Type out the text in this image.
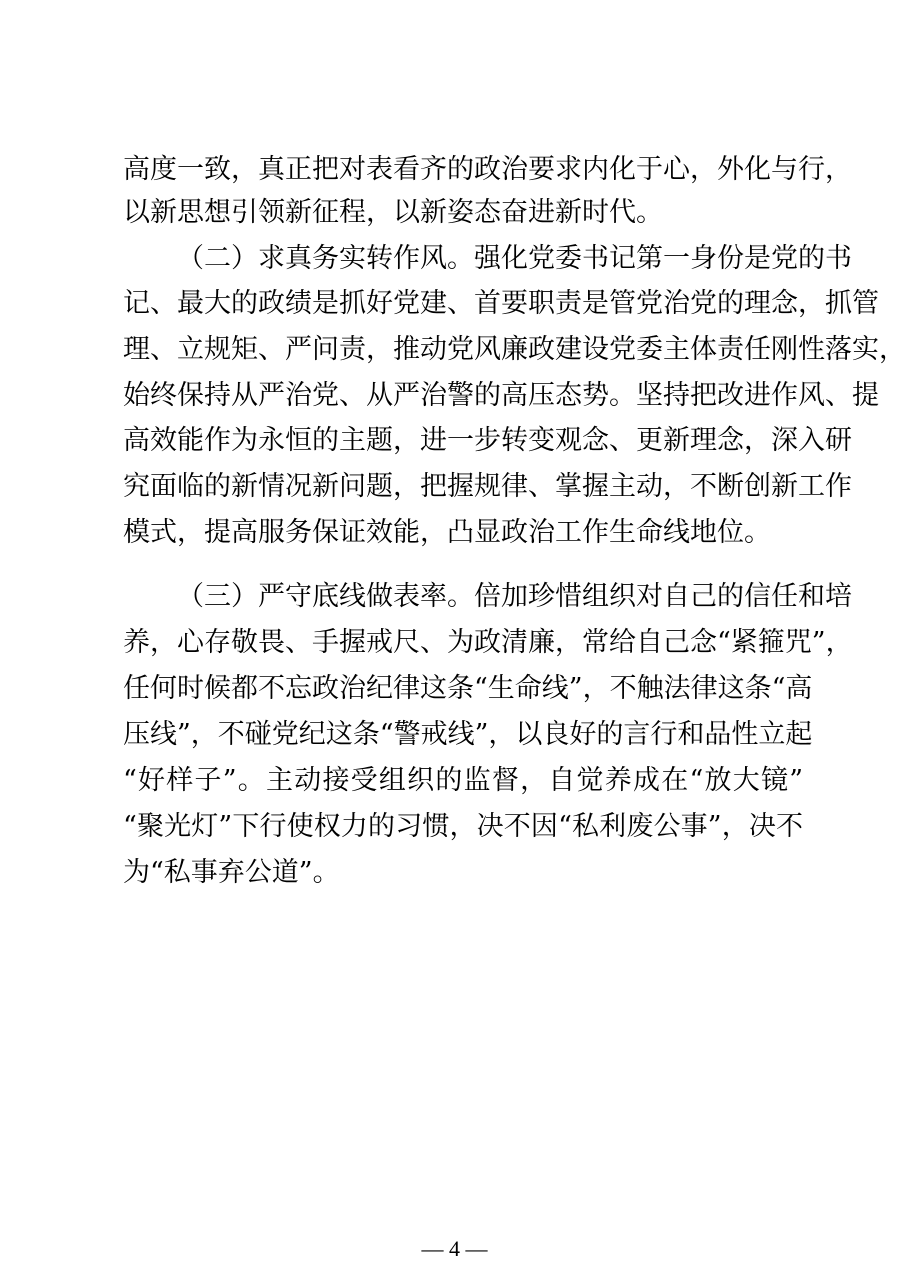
高度一致，真正把对表看齐的政治要求内化于心，外化与行，
以新思想引领新征程，以新姿态奋进新时代。
（二）求真务实转作风。强化党委书记第一身份是党的书
记、最大的政绩是抓好党建、首要职责是管党治党的理念，抓管
理、立规矩、严问责，推动党风廉政建设党委主体责任刚性落实，
始终保持从严治党、从严治警的高压态势。坚持把改进作风、提
高效能作为永恒的主题，进一步转变观念、更新理念，深入研
究面临的新情况新问题，把握规律、掌握主动，不断创新工作
模式，提高服务保证效能，凸显政治工作生命线地位。
（三）严守底线做表率。倍加珍惜组织对自己的信任和培
养，心存敬畏、手握戒尺、为政清廉，常给自己念“紧箍咒”，
任何时候都不忘政治纪律这条“生命线”，不触法律这条“高
压线”，不碰党纪这条“警戒线”，以良好的言行和品性立起
“好样子”。主动接受组织的监督，自觉养成在“放大镜”
“聚光灯”下行使权力的习惯，决不因“私利废公事”，决不
为“私事弃公道”。
— 4 —
